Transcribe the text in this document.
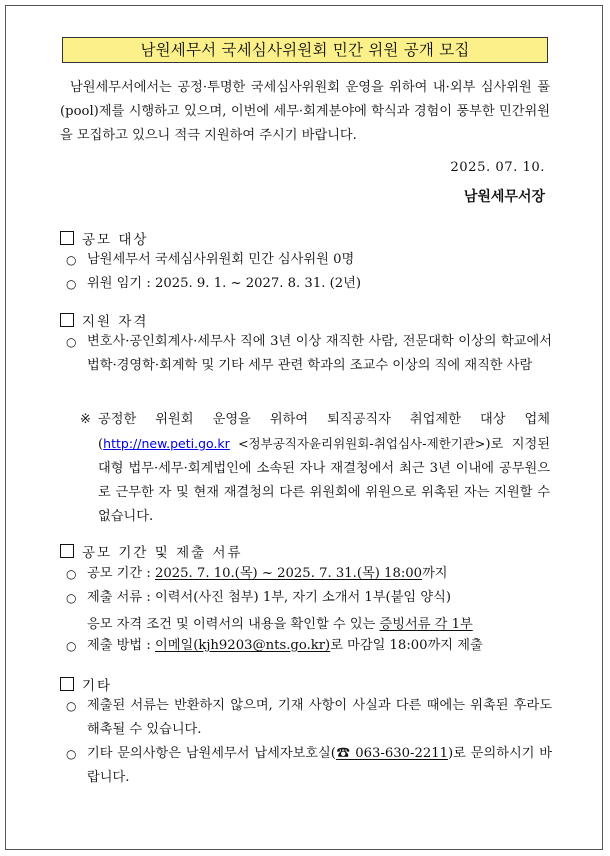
남원세무서 국세심사위원회 민간 위원 공개 모집
남원세무서에서는 공정·투명한 국세심사위원회 운영을 위하여 내·외부 심사위원 풀(pool)제를 시행하고 있으며, 이번에 세무·회계분야에 학식과 경험이 풍부한 민간위원을 모집하고 있으니 적극 지원하여 주시기 바랍니다.
2025. 07. 10.
남원세무서장
공모 대상
○ 남원세무서 국세심사위원회 민간 심사위원 0명
○ 위원 임기 : 2025. 9. 1. ~ 2027. 8. 31. (2년)
지원 자격
○ 변호사·공인회계사·세무사 직에 3년 이상 재직한 사람, 전문대학 이상의 학교에서 법학·경영학·회계학 및 기타 세무 관련 학과의 조교수 이상의 직에 재직한 사람
※ 공정한 위원회 운영을 위하여 퇴직공직자 취업제한 대상 업체 (http://new.peti.go.kr <정부공직자윤리위원회-취업심사-제한기관>)로 지정된 대형 법무·세무·회계법인에 소속된 자나 재결청에서 최근 3년 이내에 공무원으로 근무한 자 및 현재 재결청의 다른 위원회에 위원으로 위촉된 자는 지원할 수 없습니다.
공모 기간 및 제출 서류
○ 공모 기간 : 2025. 7. 10.(목) ~ 2025. 7. 31.(목) 18:00까지
○ 제출 서류 : 이력서(사진 첨부) 1부, 자기 소개서 1부(붙임 양식)
응모 자격 조건 및 이력서의 내용을 확인할 수 있는 증빙서류 각 1부
○ 제출 방법 : 이메일(kjh9203@nts.go.kr)로 마감일 18:00까지 제출
기타
○ 제출된 서류는 반환하지 않으며, 기재 사항이 사실과 다른 때에는 위촉된 후라도 해촉될 수 있습니다.
○ 기타 문의사항은 남원세무서 납세자보호실(☎ 063-630-2211)로 문의하시기 바랍니다.
